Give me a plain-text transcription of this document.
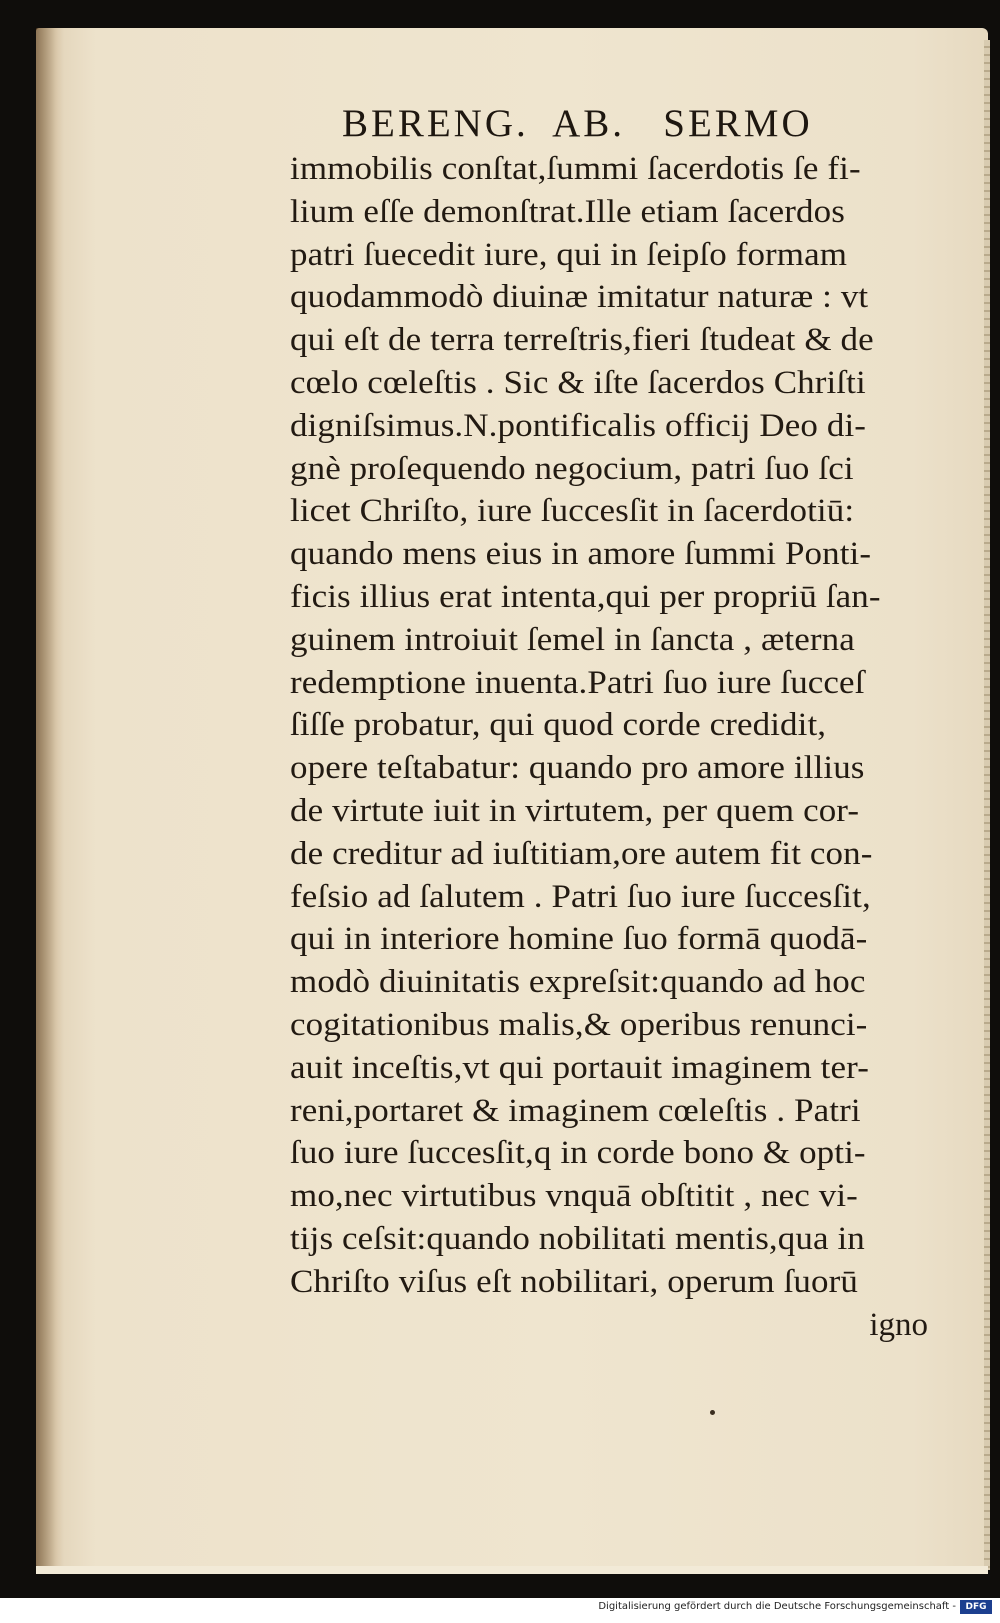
BERENG.  AB.   SERMO
immobilis conſtat,ſummi ſacerdotis ſe fi-
lium eſſe demonſtrat.Ille etiam ſacerdos
patri ſuecedit iure, qui in ſeipſo formam
quodammodò diuinæ imitatur naturæ : vt
qui eſt de terra terreſtris,fieri ſtudeat & de
cœlo cœleſtis . Sic & iſte ſacerdos Chriſti
digniſsimus.N.pontificalis officij Deo di-
gnè proſequendo negocium, patri ſuo ſci
licet Chriſto, iure ſuccesſit in ſacerdotiū:
quando mens eius in amore ſummi Ponti-
ficis illius erat intenta,qui per propriū ſan-
guinem introiuit ſemel in ſancta , æterna
redemptione inuenta.Patri ſuo iure ſucceſ
ſiſſe probatur, qui quod corde credidit,
opere teſtabatur: quando pro amore illius
de virtute iuit in virtutem, per quem cor-
de creditur ad iuſtitiam,ore autem fit con-
feſsio ad ſalutem . Patri ſuo iure ſuccesſit,
qui in interiore homine ſuo formā quodā-
modò diuinitatis expreſsit:quando ad hoc
cogitationibus malis,& operibus renunci-
auit inceſtis,vt qui portauit imaginem ter-
reni,portaret & imaginem cœleſtis . Patri
ſuo iure ſuccesſit,q in corde bono & opti-
mo,nec virtutibus vnquā obſtitit , nec vi-
tijs ceſsit:quando nobilitati mentis,qua in
Chriſto viſus eſt nobilitari, operum ſuorū
igno
Digitalisierung gefördert durch die Deutsche Forschungsgemeinschaft -	DFG
